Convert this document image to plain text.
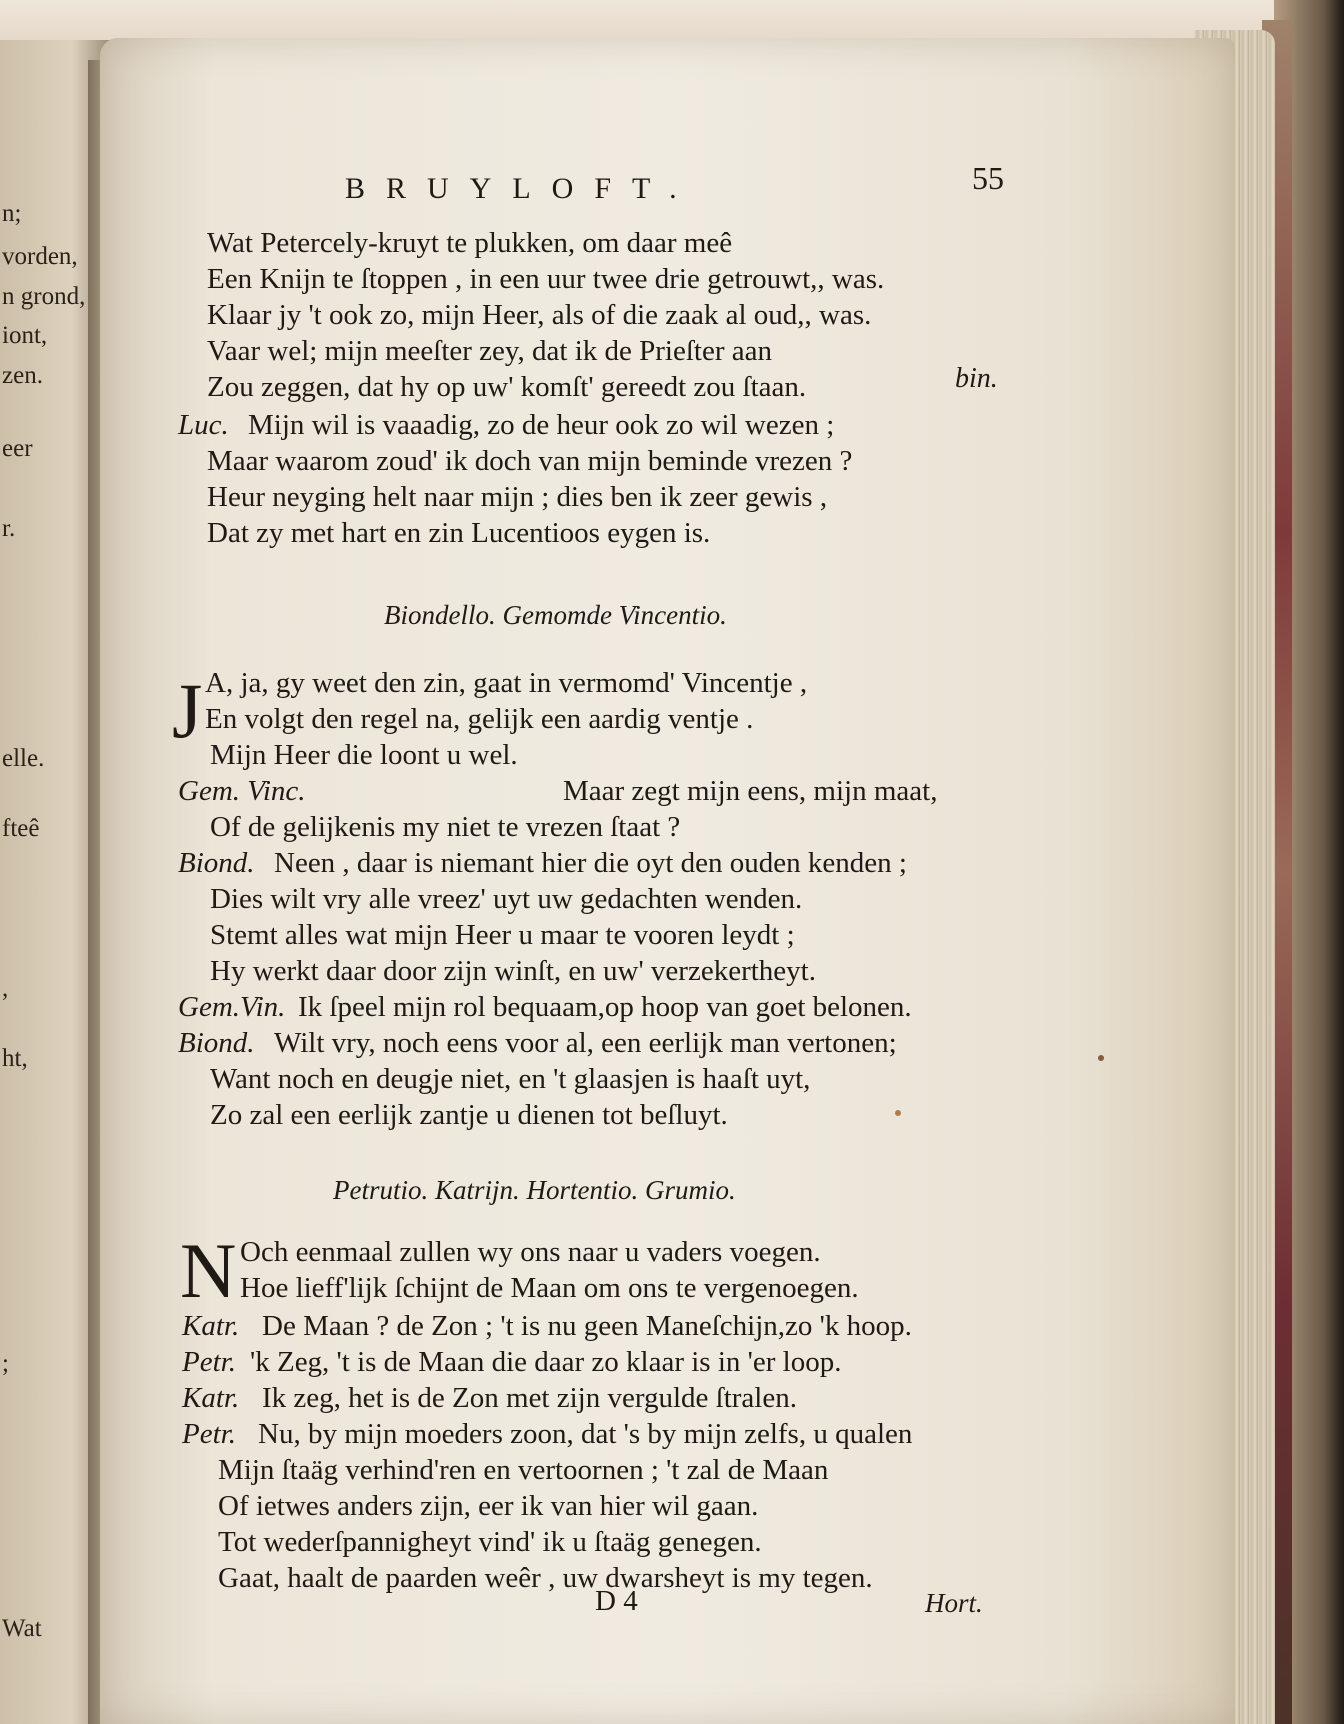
n;
vorden,
n grond,
iont,
zen.
eer
r.
elle.
fteê
,
ht,
;
Wat
BRUYLOFT.	55
Wat Petercely-kruyt te plukken, om daar meê
Een Knijn te ſtoppen , in een uur twee drie getrouwt,, was.
Klaar jy 't ook zo, mijn Heer, als of die zaak al oud,, was.
Vaar wel; mijn meeſter zey, dat ik de Prieſter aan
Zou zeggen, dat hy op uw' komſt' gereedt zou ſtaan.	bin.
Luc. Mijn wil is vaaadig, zo de heur ook zo wil wezen ;
Maar waarom zoud' ik doch van mijn beminde vrezen ?
Heur neyging helt naar mijn ; dies ben ik zeer gewis ,
Dat zy met hart en zin Lucentioos eygen is.
Biondello. Gemomde Vincentio.
J A, ja, gy weet den zin, gaat in vermomd' Vincentje ,
En volgt den regel na, gelijk een aardig ventje .
Mijn Heer die loont u wel.
Gem. Vinc.	Maar zegt mijn eens, mijn maat,
Of de gelijkenis my niet te vrezen ſtaat ?
Biond. Neen , daar is niemant hier die oyt den ouden kenden ;
Dies wilt vry alle vreez' uyt uw gedachten wenden.
Stemt alles wat mijn Heer u maar te vooren leydt ;
Hy werkt daar door zijn winſt, en uw' verzekertheyt.
Gem.Vin. Ik ſpeel mijn rol bequaam,op hoop van goet belonen.
Biond. Wilt vry, noch eens voor al, een eerlijk man vertonen;
Want noch en deugje niet, en 't glaasjen is haaſt uyt,
Zo zal een eerlijk zantje u dienen tot beſluyt.
Petrutio. Katrijn. Hortentio. Grumio.
N Och eenmaal zullen wy ons naar u vaders voegen.
Hoe lieff'lijk ſchijnt de Maan om ons te vergenoegen.
Katr. De Maan ? de Zon ; 't is nu geen Maneſchijn,zo 'k hoop.
Petr. 'k Zeg, 't is de Maan die daar zo klaar is in 'er loop.
Katr. Ik zeg, het is de Zon met zijn vergulde ſtralen.
Petr. Nu, by mijn moeders zoon, dat 's by mijn zelfs, u qualen
Mijn ſtaäg verhind'ren en vertoornen ; 't zal de Maan
Of ietwes anders zijn, eer ik van hier wil gaan.
Tot wederſpannigheyt vind' ik u ſtaäg genegen.
Gaat, haalt de paarden weêr , uw dwarsheyt is my tegen.
D 4	Hort.
